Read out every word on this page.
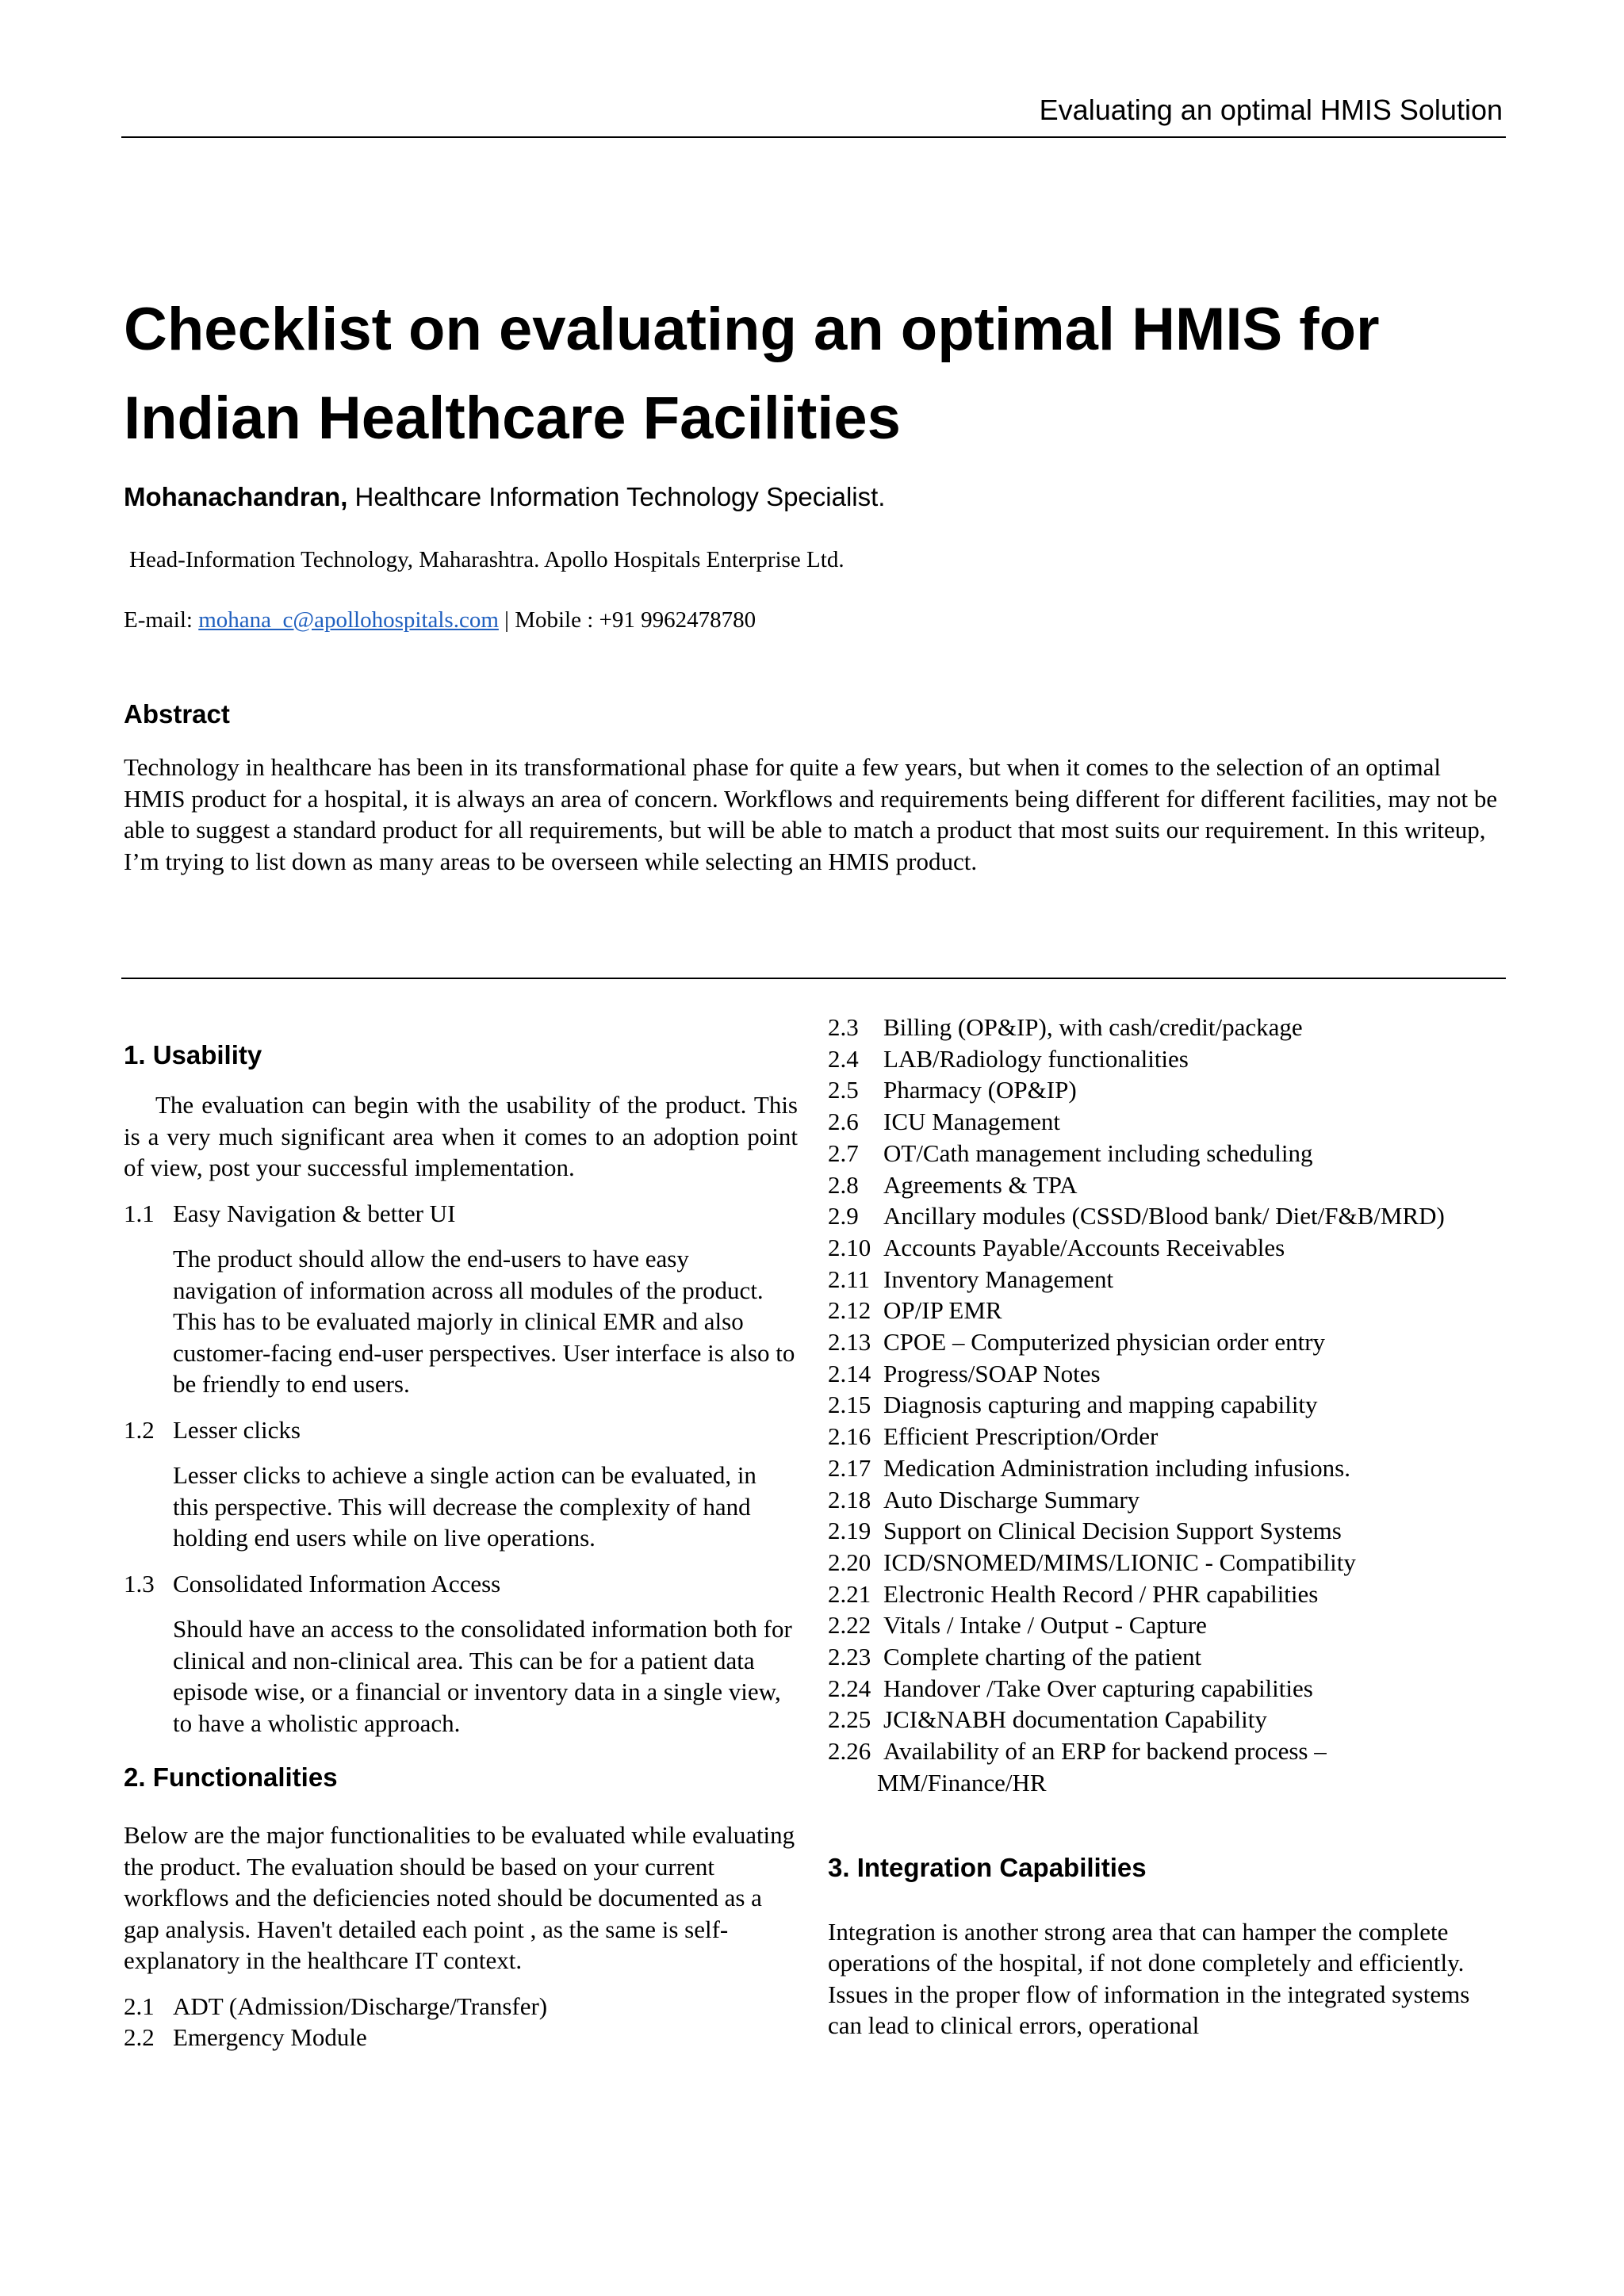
Evaluating an optimal HMIS Solution
Checklist on evaluating an optimal HMIS for
Indian Healthcare Facilities
Mohanachandran, Healthcare Information Technology Specialist.
Head-Information Technology, Maharashtra. Apollo Hospitals Enterprise Ltd.
E-mail: mohana_c@apollohospitals.com | Mobile : +91 9962478780
Abstract

Technology in healthcare has been in its transformational phase for quite a few years, but when it comes to the selection of an optimal HMIS product for a hospital, it is always an area of concern. Workflows and requirements being different for different facilities, may not be able to suggest a standard product for all requirements, but will be able to match a product that most suits our requirement. In this writeup, I’m trying to list down as many areas to be overseen while selecting an HMIS product.

1. Usability

The evaluation can begin with the usability of the product. This is a very much significant area when it comes to an adoption point of view, post your successful implementation.

1.1 Easy Navigation & better UI

The product should allow the end-users to have easy navigation of information across all modules of the product. This has to be evaluated majorly in clinical EMR and also customer-facing end-user perspectives. User interface is also to be friendly to end users.

1.2 Lesser clicks

Lesser clicks to achieve a single action can be evaluated, in this perspective. This will decrease the complexity of hand holding end users while on live operations.

1.3 Consolidated Information Access

Should have an access to the consolidated information both for clinical and non-clinical area. This can be for a patient data episode wise, or a financial or inventory data in a single view, to have a wholistic approach.

2. Functionalities

Below are the major functionalities to be evaluated while evaluating the product. The evaluation should be based on your current workflows and the deficiencies noted should be documented as a gap analysis. Haven't detailed each point , as the same is self-explanatory in the healthcare IT context.

2.1 ADT (Admission/Discharge/Transfer)
2.2 Emergency Module
2.3	Billing (OP&IP), with cash/credit/package
2.4	LAB/Radiology functionalities
2.5	Pharmacy (OP&IP)
2.6	ICU Management
2.7	OT/Cath management including scheduling
2.8	Agreements & TPA
2.9	Ancillary modules (CSSD/Blood bank/ Diet/F&B/MRD)
2.10 Accounts Payable/Accounts Receivables
2.11 Inventory Management
2.12 OP/IP EMR
2.13 CPOE – Computerized physician order entry
2.14 Progress/SOAP Notes
2.15 Diagnosis capturing and mapping capability
2.16 Efficient Prescription/Order
2.17 Medication Administration including infusions.
2.18 Auto Discharge Summary
2.19 Support on Clinical Decision Support Systems
2.20 ICD/SNOMED/MIMS/LIONIC - Compatibility
2.21 Electronic Health Record / PHR capabilities
2.22 Vitals / Intake / Output - Capture
2.23 Complete charting of the patient
2.24 Handover /Take Over capturing capabilities
2.25 JCI&NABH documentation Capability
2.26 Availability of an ERP for backend process –
MM/Finance/HR
3. Integration Capabilities

Integration is another strong area that can hamper the complete operations of the hospital, if not done completely and efficiently. Issues in the proper flow of information in the integrated systems can lead to clinical errors, operational
